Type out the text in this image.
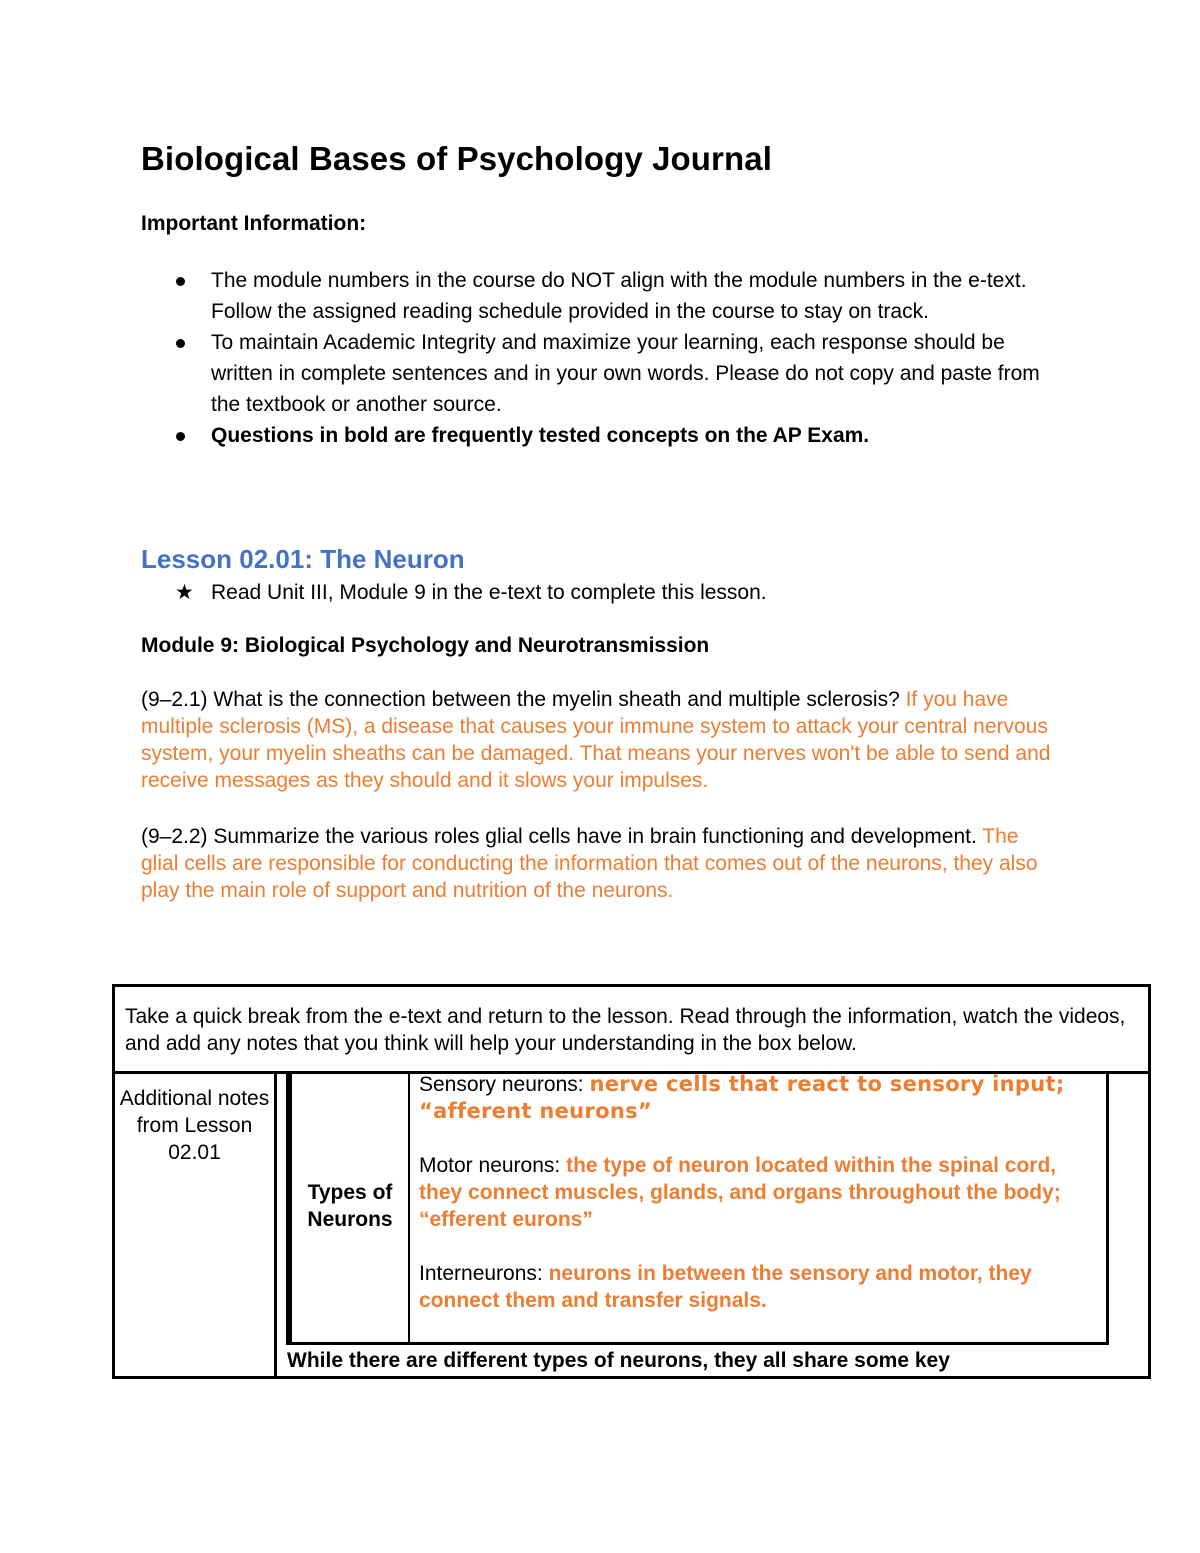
Biological Bases of Psychology Journal
Important Information:
The module numbers in the course do NOT align with the module numbers in the e-text. Follow the assigned reading schedule provided in the course to stay on track.
To maintain Academic Integrity and maximize your learning, each response should be written in complete sentences and in your own words. Please do not copy and paste from the textbook or another source.
Questions in bold are frequently tested concepts on the AP Exam.
Lesson 02.01: The Neuron
★ Read Unit III, Module 9 in the e-text to complete this lesson.
Module 9: Biological Psychology and Neurotransmission

(9–2.1) What is the connection between the myelin sheath and multiple sclerosis? If you have multiple sclerosis (MS), a disease that causes your immune system to attack your central nervous system, your myelin sheaths can be damaged. That means your nerves won't be able to send and receive messages as they should and it slows your impulses.

(9–2.2) Summarize the various roles glial cells have in brain functioning and development. The glial cells are responsible for conducting the information that comes out of the neurons, they also play the main role of support and nutrition of the neurons.

Take a quick break from the e-text and return to the lesson. Read through the information, watch the videos, and add any notes that you think will help your understanding in the box below.
Additional notes from Lesson 02.01
Types of Neurons

Sensory neurons: nerve cells that react to sensory input; “afferent neurons”

Motor neurons: the type of neuron located within the spinal cord, they connect muscles, glands, and organs throughout the body; “efferent eurons”

Interneurons: neurons in between the sensory and motor, they connect them and transfer signals.

While there are different types of neurons, they all share some key
